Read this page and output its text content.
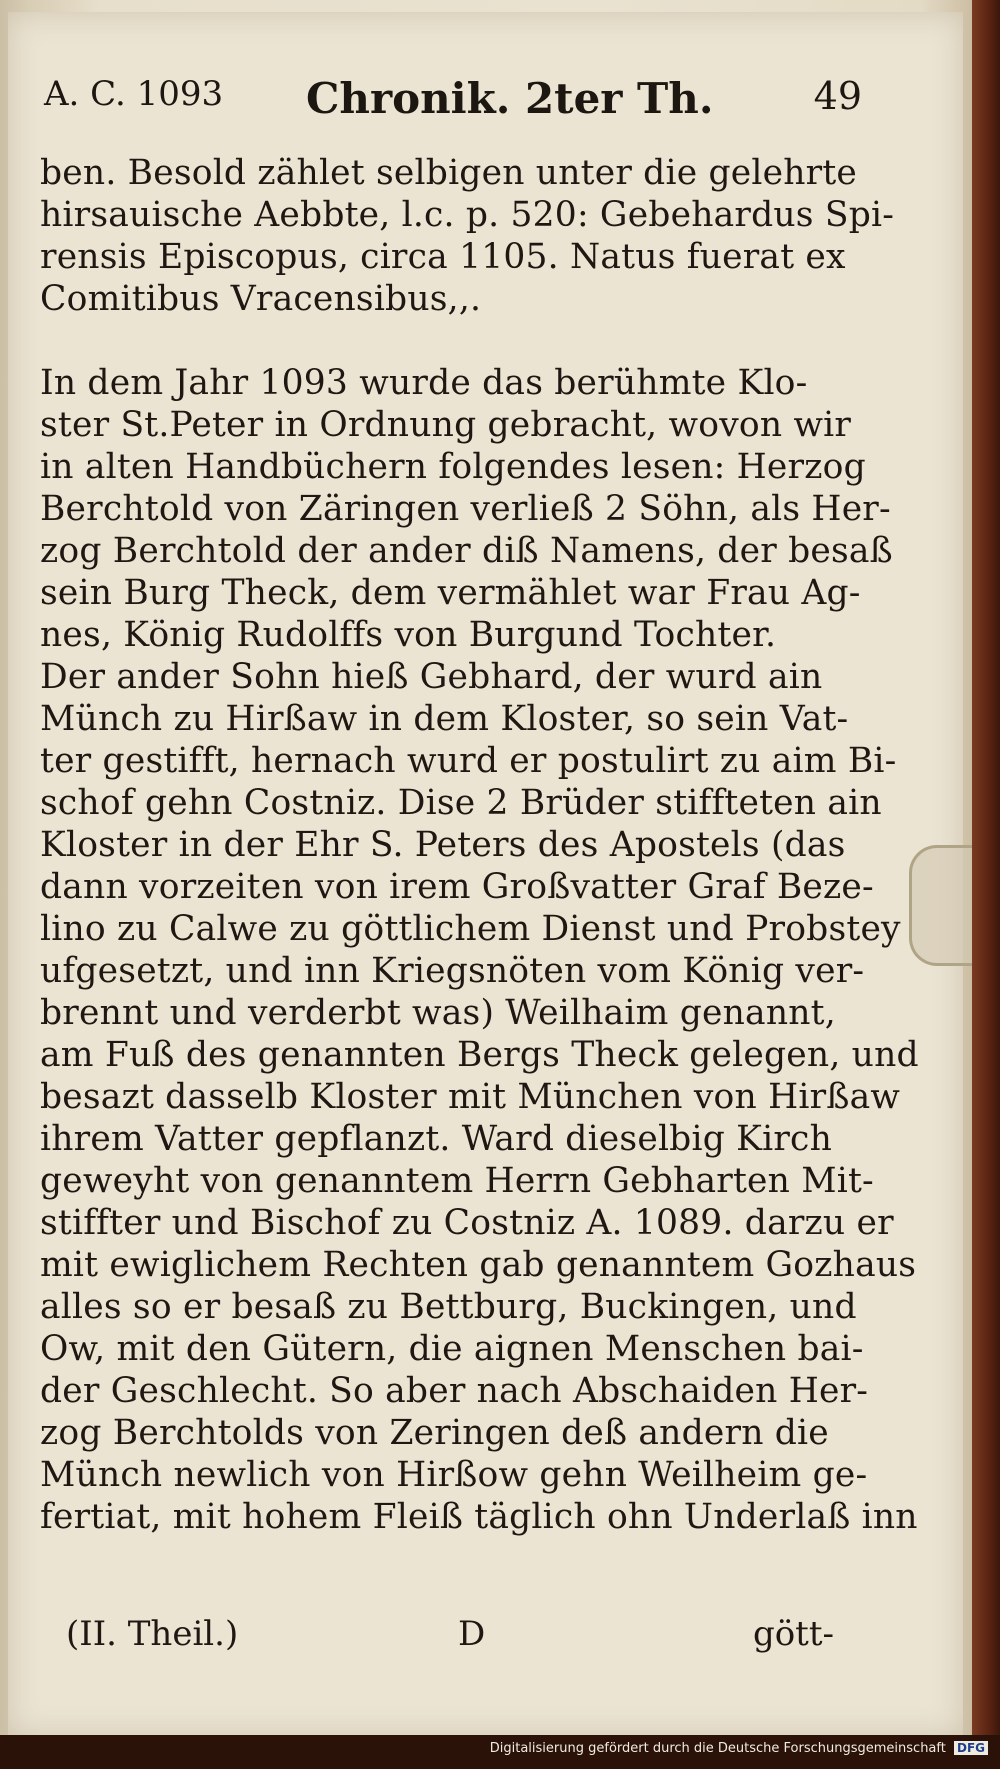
A. C. 1093 Chronik. 2ter Th.	49
ben. Besold zählet selbigen unter die gelehrte
hirsauische Aebbte, l.c. p. 520: Gebehardus Spi-
rensis Episcopus, circa 1105. Natus fuerat ex
Comitibus Vracensibus,,.
In dem Jahr 1093 wurde das berühmte Klo-
ster St.Peter in Ordnung gebracht, wovon wir
in alten Handbüchern folgendes lesen: Herzog
Berchtold von Zäringen verließ 2 Söhn, als Her-
zog Berchtold der ander diß Namens, der besaß
sein Burg Theck, dem vermählet war Frau Ag-
nes, König Rudolffs von Burgund Tochter.
Der ander Sohn hieß Gebhard, der wurd ain
Münch zu Hirßaw in dem Kloster, so sein Vat-
ter gestifft, hernach wurd er postulirt zu aim Bi-
schof gehn Costniz. Dise 2 Brüder stiffteten ain
Kloster in der Ehr S. Peters des Apostels (das
dann vorzeiten von irem Großvatter Graf Beze-
lino zu Calwe zu göttlichem Dienst und Probstey
ufgesetzt, und inn Kriegsnöten vom König ver-
brennt und verderbt was) Weilhaim genannt,
am Fuß des genannten Bergs Theck gelegen, und
besazt dasselb Kloster mit München von Hirßaw
ihrem Vatter gepflanzt. Ward dieselbig Kirch
geweyht von genanntem Herrn Gebharten Mit-
stiffter und Bischof zu Costniz A. 1089. darzu er
mit ewiglichem Rechten gab genanntem Gozhaus
alles so er besaß zu Bettburg, Buckingen, und
Ow, mit den Gütern, die aignen Menschen bai-
der Geschlecht. So aber nach Abschaiden Her-
zog Berchtolds von Zeringen deß andern die
Münch newlich von Hirßow gehn Weilheim ge-
fertiat, mit hohem Fleiß täglich ohn Underlaß inn
(II. Theil.)	D	gött-
Digitalisierung gefördert durch die Deutsche Forschungsgemeinschaft DFG
